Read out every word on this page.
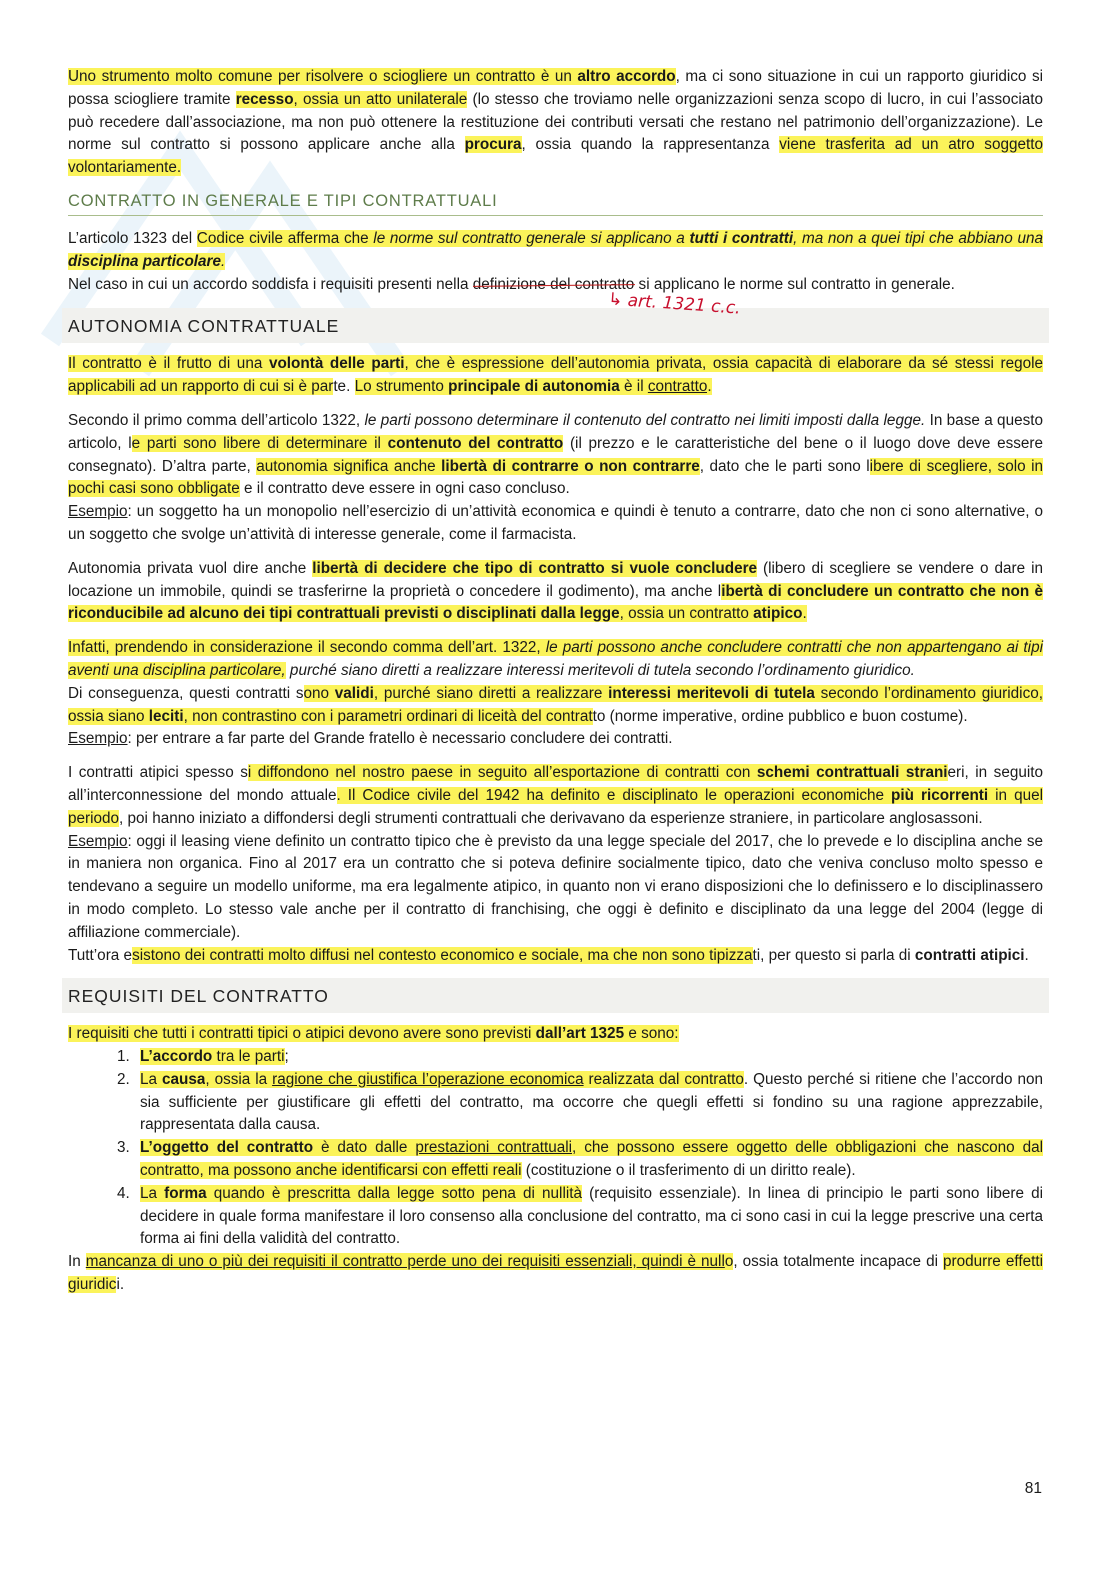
Uno strumento molto comune per risolvere o sciogliere un contratto è un altro accordo, ma ci sono situazione in cui un rapporto giuridico si possa sciogliere tramite recesso, ossia un atto unilaterale (lo stesso che troviamo nelle organizzazioni senza scopo di lucro, in cui l’associato può recedere dall’associazione, ma non può ottenere la restituzione dei contributi versati che restano nel patrimonio dell’organizzazione). Le norme sul contratto si possono applicare anche alla procura, ossia quando la rappresentanza viene trasferita ad un atro soggetto volontariamente.

CONTRATTO IN GENERALE E TIPI CONTRATTUALI

L’articolo 1323 del Codice civile afferma che le norme sul contratto generale si applicano a tutti i contratti, ma non a quei tipi che abbiano una disciplina particolare.

Nel caso in cui un accordo soddisfa i requisiti presenti nella definizione del contratto si applicano le norme sul contratto in generale.

↳ art. 1321 c.c.
AUTONOMIA CONTRATTUALE

Il contratto è il frutto di una volontà delle parti, che è espressione dell’autonomia privata, ossia capacità di elaborare da sé stessi regole applicabili ad un rapporto di cui si è parte. Lo strumento principale di autonomia è il contratto.

Secondo il primo comma dell’articolo 1322, le parti possono determinare il contenuto del contratto nei limiti imposti dalla legge. In base a questo articolo, le parti sono libere di determinare il contenuto del contratto (il prezzo e le caratteristiche del bene o il luogo dove deve essere consegnato). D’altra parte, autonomia significa anche libertà di contrarre o non contrarre, dato che le parti sono libere di scegliere, solo in pochi casi sono obbligate e il contratto deve essere in ogni caso concluso.

Esempio: un soggetto ha un monopolio nell’esercizio di un’attività economica e quindi è tenuto a contrarre, dato che non ci sono alternative, o un soggetto che svolge un’attività di interesse generale, come il farmacista.

Autonomia privata vuol dire anche libertà di decidere che tipo di contratto si vuole concludere (libero di scegliere se vendere o dare in locazione un immobile, quindi se trasferirne la proprietà o concedere il godimento), ma anche libertà di concludere un contratto che non è riconducibile ad alcuno dei tipi contrattuali previsti o disciplinati dalla legge, ossia un contratto atipico.

Infatti, prendendo in considerazione il secondo comma dell’art. 1322, le parti possono anche concludere contratti che non appartengano ai tipi aventi una disciplina particolare, purché siano diretti a realizzare interessi meritevoli di tutela secondo l’ordinamento giuridico.

Di conseguenza, questi contratti sono validi, purché siano diretti a realizzare interessi meritevoli di tutela secondo l’ordinamento giuridico, ossia siano leciti, non contrastino con i parametri ordinari di liceità del contratto (norme imperative, ordine pubblico e buon costume).

Esempio: per entrare a far parte del Grande fratello è necessario concludere dei contratti.

I contratti atipici spesso si diffondono nel nostro paese in seguito all’esportazione di contratti con schemi contrattuali stranieri, in seguito all’interconnessione del mondo attuale. Il Codice civile del 1942 ha definito e disciplinato le operazioni economiche più ricorrenti in quel periodo, poi hanno iniziato a diffondersi degli strumenti contrattuali che derivavano da esperienze straniere, in particolare anglosassoni.

Esempio: oggi il leasing viene definito un contratto tipico che è previsto da una legge speciale del 2017, che lo prevede e lo disciplina anche se in maniera non organica. Fino al 2017 era un contratto che si poteva definire socialmente tipico, dato che veniva concluso molto spesso e tendevano a seguire un modello uniforme, ma era legalmente atipico, in quanto non vi erano disposizioni che lo definissero e lo disciplinassero in modo completo. Lo stesso vale anche per il contratto di franchising, che oggi è definito e disciplinato da una legge del 2004 (legge di affiliazione commerciale).

Tutt’ora esistono dei contratti molto diffusi nel contesto economico e sociale, ma che non sono tipizzati, per questo si parla di contratti atipici.

REQUISITI DEL CONTRATTO

I requisiti che tutti i contratti tipici o atipici devono avere sono previsti dall’art 1325 e sono:

1. L’accordo tra le parti;
2. La causa, ossia la ragione che giustifica l’operazione economica realizzata dal contratto. Questo perché si ritiene che l’accordo non sia sufficiente per giustificare gli effetti del contratto, ma occorre che quegli effetti si fondino su una ragione apprezzabile, rappresentata dalla causa.
3. L’oggetto del contratto è dato dalle prestazioni contrattuali, che possono essere oggetto delle obbligazioni che nascono dal contratto, ma possono anche identificarsi con effetti reali (costituzione o il trasferimento di un diritto reale).
4. La forma quando è prescritta dalla legge sotto pena di nullità (requisito essenziale). In linea di principio le parti sono libere di decidere in quale forma manifestare il loro consenso alla conclusione del contratto, ma ci sono casi in cui la legge prescrive una certa forma ai fini della validità del contratto.

In mancanza di uno o più dei requisiti il contratto perde uno dei requisiti essenziali, quindi è nullo, ossia totalmente incapace di produrre effetti giuridici.

81
